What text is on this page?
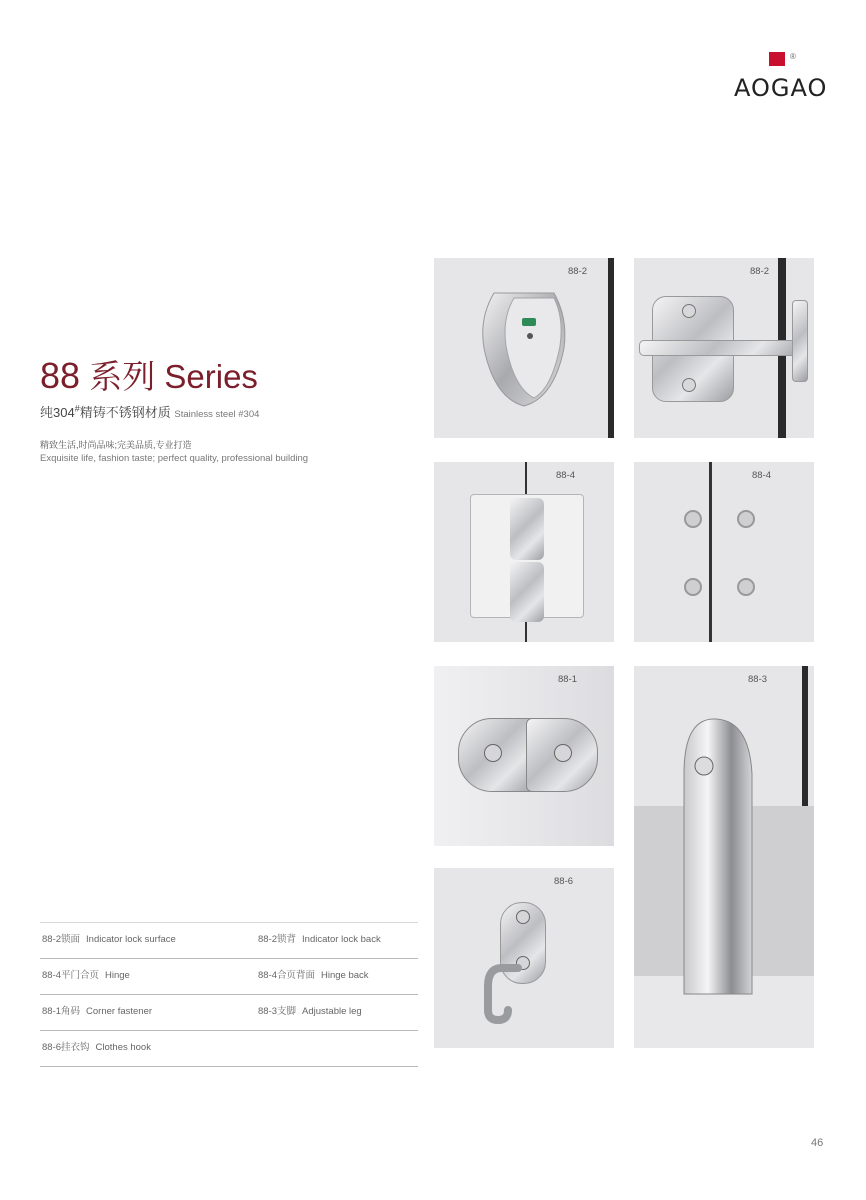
®
AOGAO
88 系列 Series
纯304#精铸不锈钢材质 Stainless steel #304
精致生活,时尚品味;完美品质,专业打造
Exquisite life, fashion taste; perfect quality, professional building
88-2锁面 Indicator lock surface	88-2锁背 Indicator lock back
88-4平门合页 Hinge	88-4合页背面 Hinge back
88-1角码 Corner fastener	88-3支脚 Adjustable leg
88-6挂衣钩 Clothes hook
88-2	88-2
88-4	88-4
88-1	88-3
88-6
46
